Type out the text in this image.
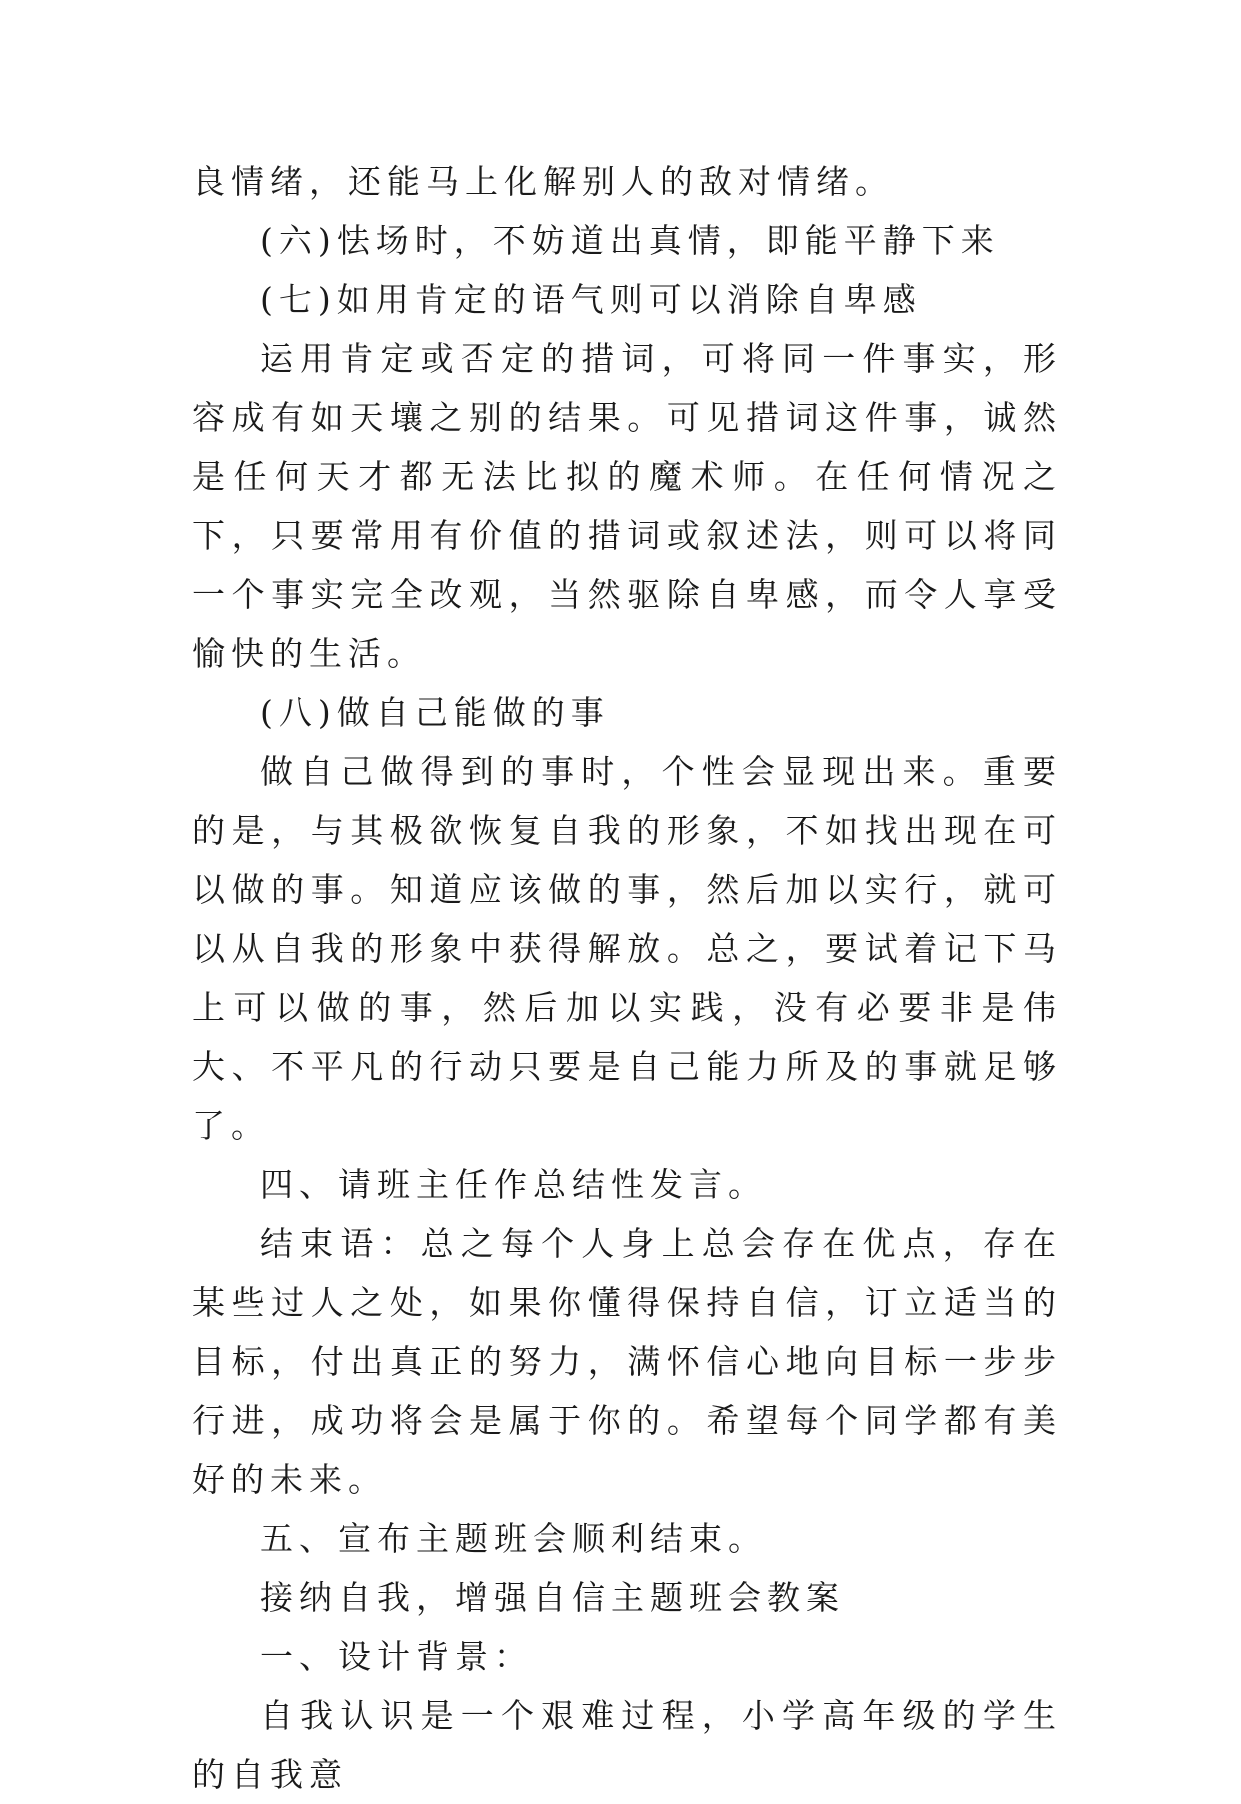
良情绪，还能马上化解别人的敌对情绪。

(六)怯场时，不妨道出真情，即能平静下来

(七)如用肯定的语气则可以消除自卑感

运用肯定或否定的措词，可将同一件事实，形容成有如天壤之别的结果。可见措词这件事，诚然是任何天才都无法比拟的魔术师。在任何情况之下，只要常用有价值的措词或叙述法，则可以将同一个事实完全改观，当然驱除自卑感，而令人享受愉快的生活。

(八)做自己能做的事

做自己做得到的事时，个性会显现出来。重要的是，与其极欲恢复自我的形象，不如找出现在可以做的事。知道应该做的事，然后加以实行，就可以从自我的形象中获得解放。总之，要试着记下马上可以做的事，然后加以实践，没有必要非是伟大、不平凡的行动只要是自己能力所及的事就足够了。

四、请班主任作总结性发言。

结束语：总之每个人身上总会存在优点，存在某些过人之处，如果你懂得保持自信，订立适当的目标，付出真正的努力，满怀信心地向目标一步步行进，成功将会是属于你的。希望每个同学都有美好的未来。

五、宣布主题班会顺利结束。

接纳自我，增强自信主题班会教案

一、设计背景：

自我认识是一个艰难过程，小学高年级的学生的自我意
